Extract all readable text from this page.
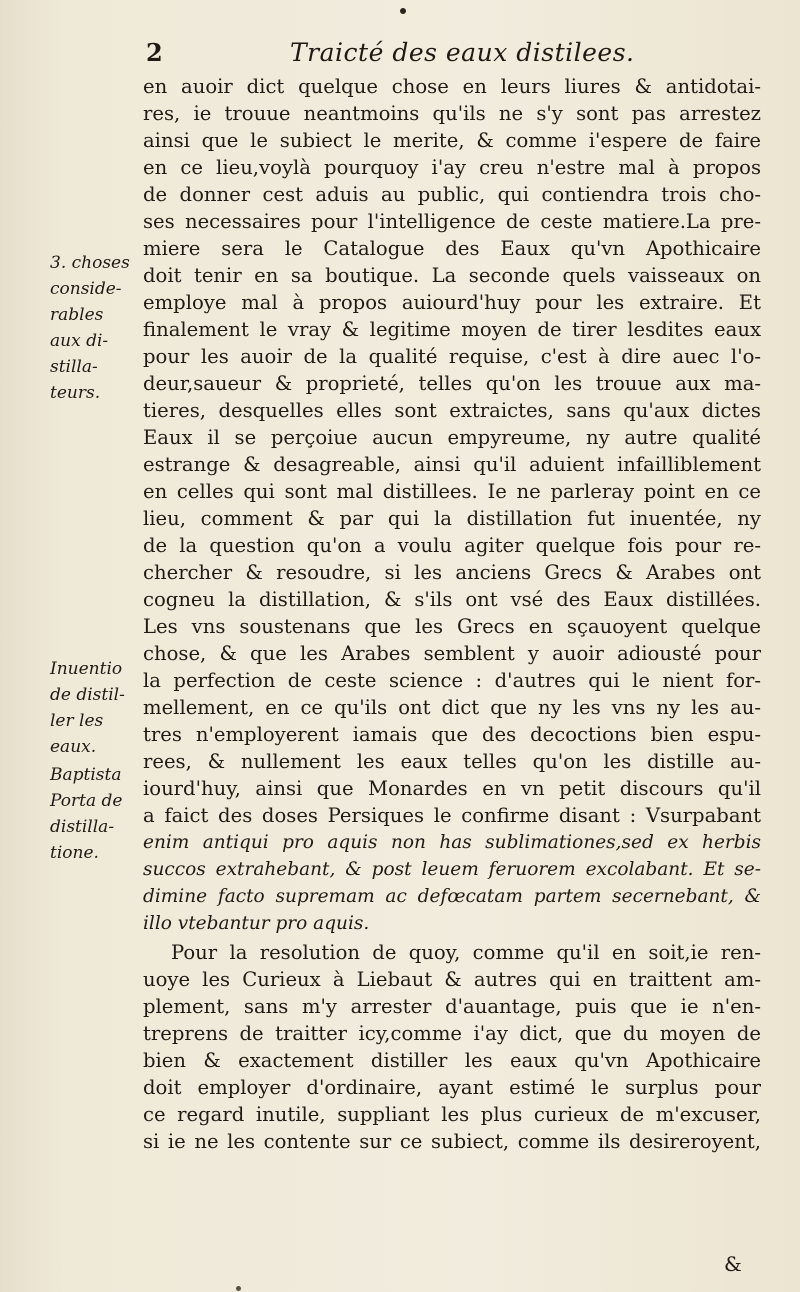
2	Traicté des eaux distilees.
en auoir dict quelque chose en leurs liures & antidotai-
res, ie trouue neantmoins qu'ils ne s'y sont pas arrestez
ainsi que le subiect le merite, & comme i'espere de faire
en ce lieu,voylà pourquoy i'ay creu n'estre mal à propos
de donner cest aduis au public, qui contiendra trois cho-
ses necessaires pour l'intelligence de ceste matiere.La pre-
miere sera le Catalogue des Eaux qu'vn Apothicaire
doit tenir en sa boutique. La seconde quels vaisseaux on
employe mal à propos auiourd'huy pour les extraire. Et
finalement le vray & legitime moyen de tirer lesdites eaux
pour les auoir de la qualité requise, c'est à dire auec l'o-
deur,saueur & proprieté, telles qu'on les trouue aux ma-
tieres, desquelles elles sont extraictes, sans qu'aux dictes
Eaux il se perçoiue aucun empyreume, ny autre qualité
estrange & desagreable, ainsi qu'il aduient infailliblement
en celles qui sont mal distillees. Ie ne parleray point en ce
lieu, comment & par qui la distillation fut inuentée, ny
de la question qu'on a voulu agiter quelque fois pour re-
chercher & resoudre, si les anciens Grecs & Arabes ont
cogneu la distillation, & s'ils ont vsé des Eaux distillées.
Les vns soustenans que les Grecs en sçauoyent quelque
chose, & que les Arabes semblent y auoir adiousté pour
la perfection de ceste science : d'autres qui le nient for-
mellement, en ce qu'ils ont dict que ny les vns ny les au-
tres n'employerent iamais que des decoctions bien espu-
rees, & nullement les eaux telles qu'on les distille au-
iourd'huy, ainsi que Monardes en vn petit discours qu'il
a faict des doses Persiques le confirme disant : Vsurpabant
enim antiqui pro aquis non has sublimationes,sed ex herbis
succos extrahebant, & post leuem feruorem excolabant. Et se-
dimine facto supremam ac defœcatam partem secernebant, &
illo vtebantur pro aquis.
Pour la resolution de quoy, comme qu'il en soit,ie ren-
uoye les Curieux à Liebaut & autres qui en traittent am-
plement, sans m'y arrester d'auantage, puis que ie n'en-
treprens de traitter icy,comme i'ay dict, que du moyen de
bien & exactement distiller les eaux qu'vn Apothicaire
doit employer d'ordinaire, ayant estimé le surplus pour
ce regard inutile, suppliant les plus curieux de m'excuser,
si ie ne les contente sur ce subiect, comme ils desireroyent,
3. choses
conside-
rables
aux di-
stilla-
teurs.
Inuentio
de distil-
ler les
eaux.
Baptista
Porta de
distilla-
tione.
&
